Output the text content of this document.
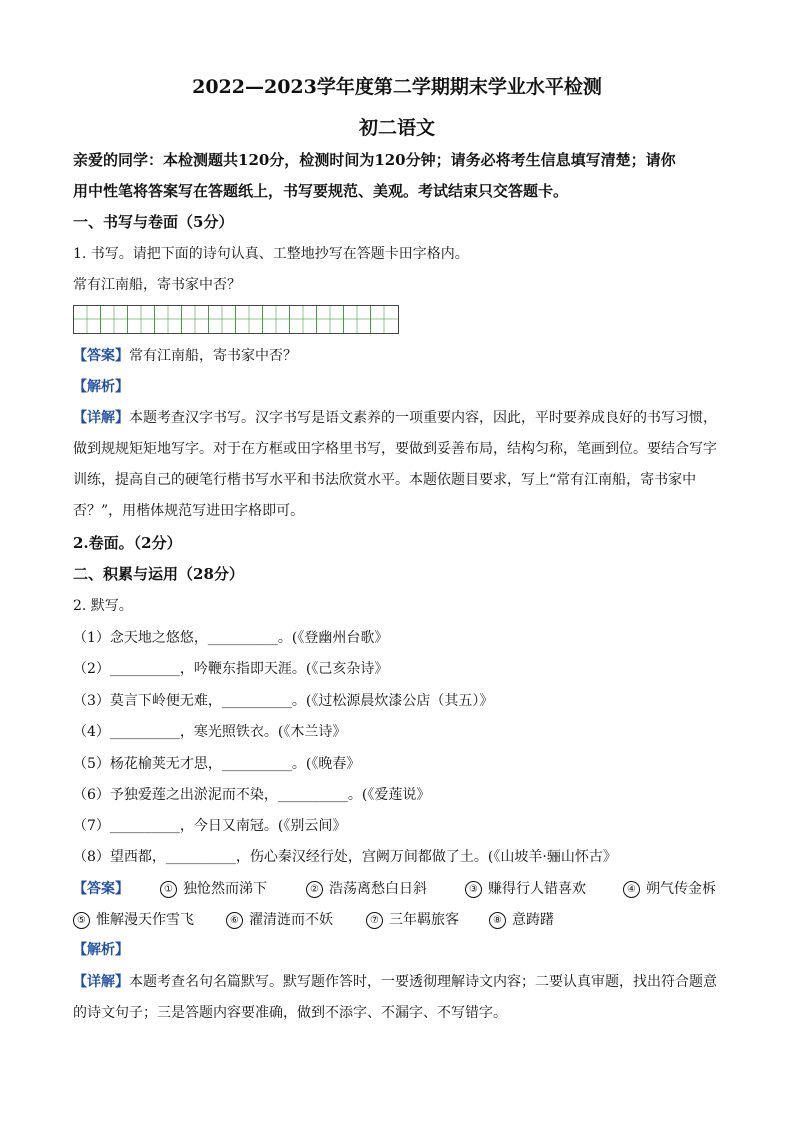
2022—2023学年度第二学期期末学业水平检测
初二语文
亲爱的同学：本检测题共120分，检测时间为120分钟；请务必将考生信息填写清楚；请你
用中性笔将答案写在答题纸上，书写要规范、美观。考试结束只交答题卡。
一、书写与卷面（5分）
1. 书写。请把下面的诗句认真、工整地抄写在答题卡田字格内。
常有江南船，寄书家中否？
【答案】常有江南船，寄书家中否？
【解析】
【详解】本题考查汉字书写。汉字书写是语文素养的一项重要内容，因此，平时要养成良好的书写习惯，
做到规规矩矩地写字。对于在方框或田字格里书写，要做到妥善布局，结构匀称，笔画到位。要结合写字
训练，提高自己的硬笔行楷书写水平和书法欣赏水平。本题依题目要求，写上“常有江南船，寄书家中
否？”，用楷体规范写进田字格即可。
2.卷面。（2分）
二、积累与运用（28分）
2. 默写。
（1）念天地之悠悠，__________。(《登幽州台歌》
（2）__________，吟鞭东指即天涯。(《己亥杂诗》
（3）莫言下岭便无难，__________。(《过松源晨炊漆公店（其五）》
（4）__________，寒光照铁衣。(《木兰诗》
（5）杨花榆荚无才思，__________。(《晚春》
（6）予独爱莲之出淤泥而不染，__________。(《爱莲说》
（7）__________，今日又南冠。(《别云间》
（8）望西都，__________，伤心秦汉经行处，宫阙万间都做了土。(《山坡羊·骊山怀古》
【答案】	① 独怆然而涕下	② 浩荡离愁白日斜	③ 赚得行人错喜欢	④ 朔气传金柝
⑤ 惟解漫天作雪飞	⑥ 濯清涟而不妖	⑦ 三年羁旅客	⑧ 意踌躇
【解析】
【详解】本题考查名句名篇默写。默写题作答时，一要透彻理解诗文内容；二要认真审题，找出符合题意
的诗文句子；三是答题内容要准确，做到不添字、不漏字、不写错字。
